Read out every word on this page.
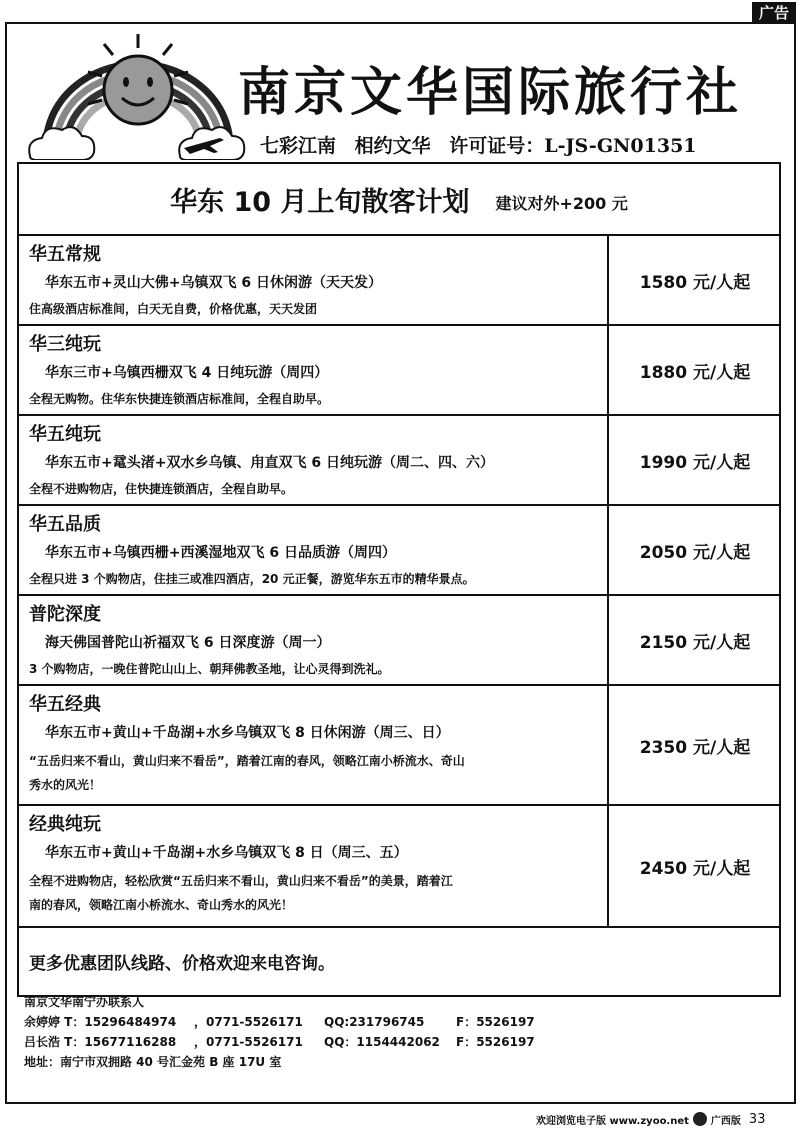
广告
南京文华国际旅行社
七彩江南 相约文华 许可证号：L-JS-GN01351
华东 10 月上旬散客计划 建议对外+200 元
华五常规
华东五市+灵山大佛+乌镇双飞 6 日休闲游（天天发）
住高级酒店标准间，白天无自费，价格优惠，天天发团
1580 元/人起
华三纯玩
华东三市+乌镇西栅双飞 4 日纯玩游（周四）
全程无购物。住华东快捷连锁酒店标准间，全程自助早。
1880 元/人起
华五纯玩
华东五市+鼋头渚+双水乡乌镇、甪直双飞 6 日纯玩游（周二、四、六）
全程不进购物店，住快捷连锁酒店，全程自助早。
1990 元/人起
华五品质
华东五市+乌镇西栅+西溪湿地双飞 6 日品质游（周四）
全程只进 3 个购物店，住挂三或准四酒店，20 元正餐，游览华东五市的精华景点。
2050 元/人起
普陀深度
海天佛国普陀山祈福双飞 6 日深度游（周一）
3 个购物店，一晚住普陀山山上、朝拜佛教圣地，让心灵得到洗礼。
2150 元/人起
华五经典
华东五市+黄山+千岛湖+水乡乌镇双飞 8 日休闲游（周三、日）
“五岳归来不看山，黄山归来不看岳”，踏着江南的春风，领略江南小桥流水、奇山
秀水的风光！
2350 元/人起
经典纯玩
华东五市+黄山+千岛湖+水乡乌镇双飞 8 日（周三、五）
全程不进购物店，轻松欣赏“五岳归来不看山，黄山归来不看岳”的美景，踏着江
南的春风，领略江南小桥流水、奇山秀水的风光！
2450 元/人起
更多优惠团队线路、价格欢迎来电咨询。
南京文华南宁办联系人
余婷婷 T：15296484974 ，0771-5526171 QQ:231796745	F：5526197
吕长浩 T：15677116288 ，0771-5526171 QQ：1154442062 F：5526197
地址：南宁市双拥路 40 号汇金苑 B 座 17U 室
欢迎浏览电子版 www.zyoo.net 广西版 33
